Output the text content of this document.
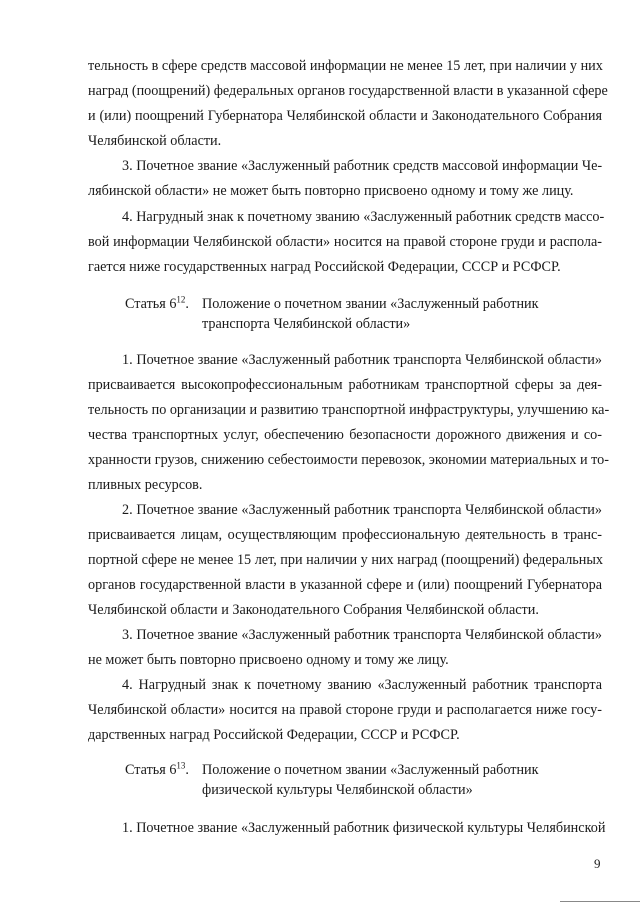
тельность в сфере средств массовой информации не менее 15 лет, при наличии у них
наград (поощрений) федеральных органов государственной власти в указанной сфере
и (или) поощрений Губернатора Челябинской области и Законодательного Собрания
Челябинской области.
3. Почетное звание «Заслуженный работник средств массовой информации Че-
лябинской области» не может быть повторно присвоено одному и тому же лицу.
4. Нагрудный знак к почетному званию «Заслуженный работник средств массо-
вой информации Челябинской области» носится на правой стороне груди и распола-
гается ниже государственных наград Российской Федерации, СССР и РСФСР.
1. Почетное звание «Заслуженный работник транспорта Челябинской области»
присваивается высокопрофессиональным работникам транспортной сферы за дея-
тельность по организации и развитию транспортной инфраструктуры, улучшению ка-
чества транспортных услуг, обеспечению безопасности дорожного движения и со-
хранности грузов, снижению себестоимости перевозок, экономии материальных и то-
пливных ресурсов.
2. Почетное звание «Заслуженный работник транспорта Челябинской области»
присваивается лицам, осуществляющим профессиональную деятельность в транс-
портной сфере не менее 15 лет, при наличии у них наград (поощрений) федеральных
органов государственной власти в указанной сфере и (или) поощрений Губернатора
Челябинской области и Законодательного Собрания Челябинской области.
3. Почетное звание «Заслуженный работник транспорта Челябинской области»
не может быть повторно присвоено одному и тому же лицу.
4. Нагрудный знак к почетному званию «Заслуженный работник транспорта
Челябинской области» носится на правой стороне груди и располагается ниже госу-
дарственных наград Российской Федерации, СССР и РСФСР.
1. Почетное звание «Заслуженный работник физической культуры Челябинской
Статья $6^{12}$. Положение о почетном звании «Заслуженный работник
транспорта Челябинской области»
Статья $6^{13}$. Положение о почетном звании «Заслуженный работник
физической культуры Челябинской области»
9
